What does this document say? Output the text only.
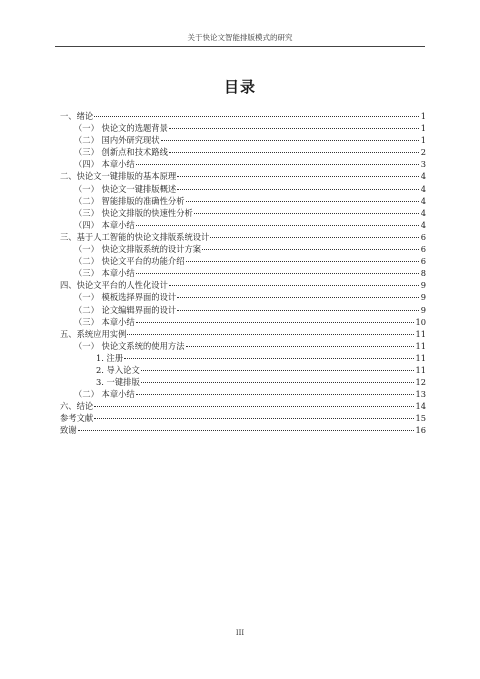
关于快论文智能排版模式的研究
目录
一、绪论	1
（一） 快论文的选题背景	1
（二） 国内外研究现状	1
（三） 创新点和技术路线	2
（四） 本章小结	3
二、快论文一键排版的基本原理	4
（一） 快论文一键排版概述	4
（二） 智能排版的准确性分析	4
（三） 快论文排版的快速性分析	4
（四） 本章小结	4
三、基于人工智能的快论文排版系统设计	6
（一） 快论文排版系统的设计方案	6
（二） 快论文平台的功能介绍	6
（三） 本章小结	8
四、快论文平台的人性化设计	9
（一） 模板选择界面的设计	9
（二） 论文编辑界面的设计	9
（三） 本章小结	10
五、系统应用实例	11
（一） 快论文系统的使用方法	11
1. 注册	11
2. 导入论文	11
3. 一键排版	12
（二） 本章小结	13
六、结论	14
参考文献	15
致谢	16
III
